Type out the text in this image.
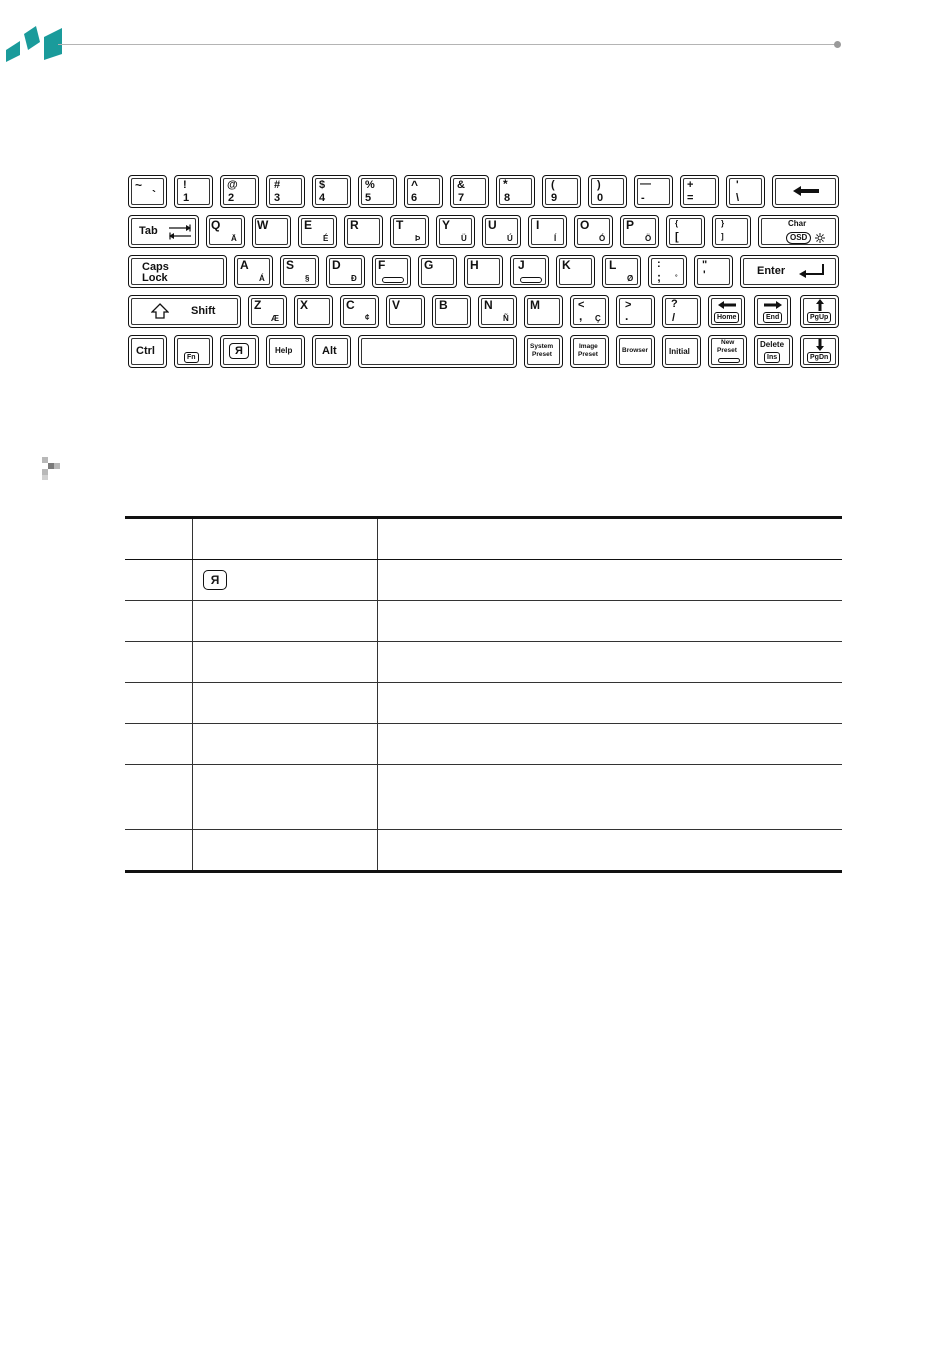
~
`
!
1
@
2
#
3
$
4
%
5
^
6
&
7
*
8
(
9
)
0
—
-
+
=
'
\
Tab	Q
Ä
W	E
É
R	T
Þ
Y
Ü
U
Ú
I
Í
O
Ó
P
Ö
{
[
}
]
Char
OSD
Caps
Lock
A
Á
S
§
D
Ð
F	G	H	J	K	L
Ø
:
; °
"
'	Enter
Shift	Z
Æ
X	C
¢
V	B	N
Ñ
M	<
, Ç
>
.
?
/	Home	End	PgUp
Ctrl
Fn
Я	Help	Alt	System
Preset
Image
Preset
Browser	Initial
New
Preset
Delete
Ins	PgDn

	Я	
